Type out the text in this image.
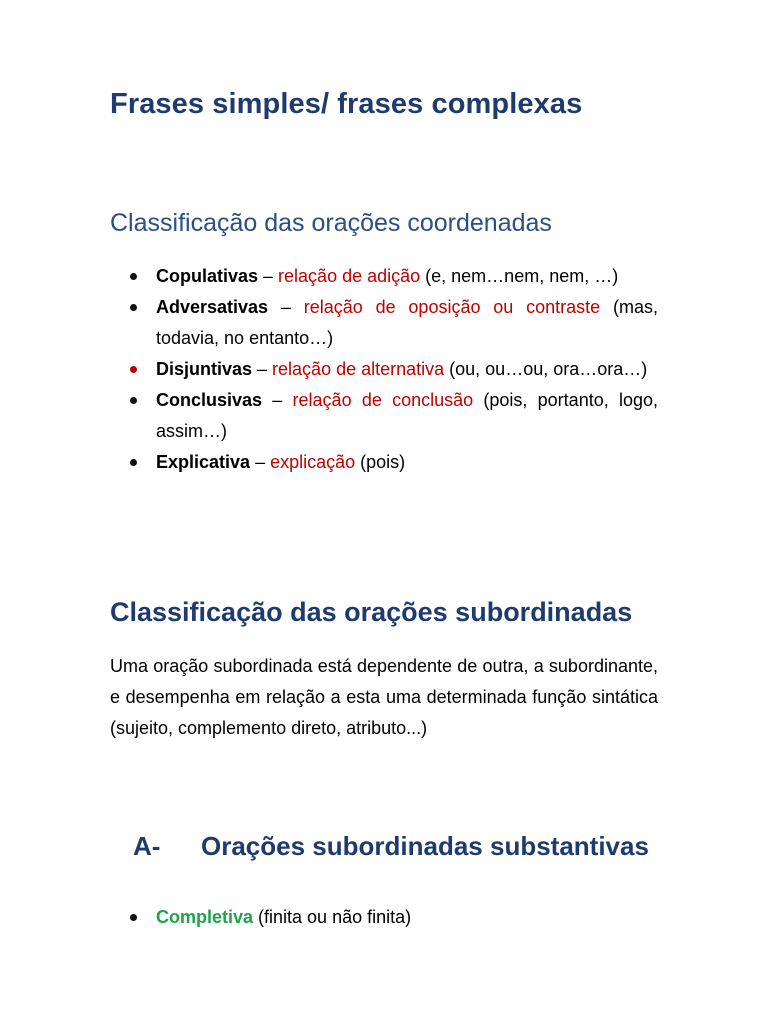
Frases simples/ frases complexas
Classificação das orações coordenadas
Copulativas – relação de adição (e, nem…nem, nem, …)
Adversativas – relação de oposição ou contraste (mas, todavia, no entanto…)
Disjuntivas – relação de alternativa (ou, ou…ou, ora…ora…)
Conclusivas – relação de conclusão (pois, portanto, logo, assim…)
Explicativa – explicação (pois)
Classificação das orações subordinadas

Uma oração subordinada está dependente de outra, a subordinante, e desempenha em relação a esta uma determinada função sintática (sujeito, complemento direto, atributo...)

A- Orações subordinadas substantivas
Completiva (finita ou não finita)
